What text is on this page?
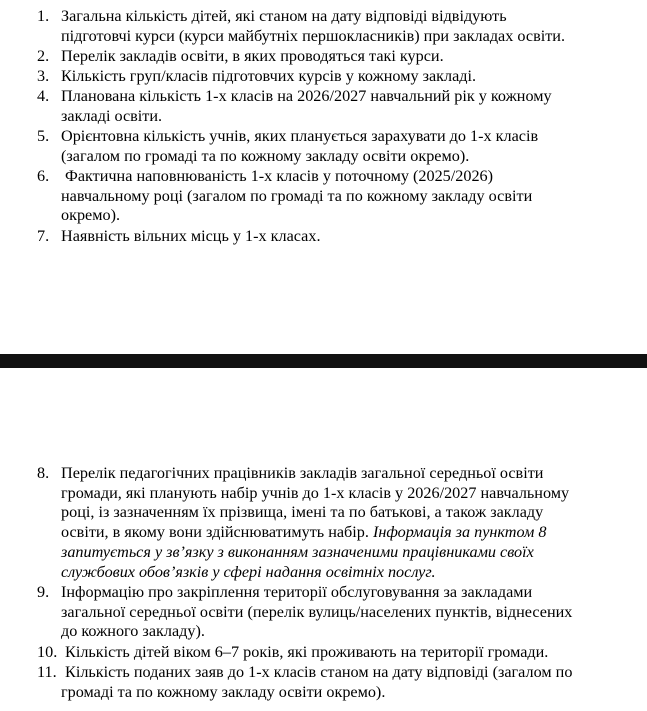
1. Загальна кількість дітей, які станом на дату відповіді відвідують
підготовчі курси (курси майбутніх першокласників) при закладах освіти.
2. Перелік закладів освіти, в яких проводяться такі курси.
3. Кількість груп/класів підготовчих курсів у кожному закладі.
4. Планована кількість 1-х класів на 2026/2027 навчальний рік у кожному
закладі освіти.
5. Орієнтовна кількість учнів, яких планується зарахувати до 1-х класів
(загалом по громаді та по кожному закладу освіти окремо).
6. Фактична наповнюваність 1-х класів у поточному (2025/2026)
навчальному році (загалом по громаді та по кожному закладу освіти
окремо).
7. Наявність вільних місць у 1-х класах.
8. Перелік педагогічних працівників закладів загальної середньої освіти
громади, які планують набір учнів до 1-х класів у 2026/2027 навчальному
році, із зазначенням їх прізвища, імені та по батькові, а також закладу
освіти, в якому вони здійснюватимуть набір. Інформація за пунктом 8
запитується у зв’язку з виконанням зазначеними працівниками своїх
службових обов’язків у сфері надання освітніх послуг.
9. Інформацію про закріплення території обслуговування за закладами
загальної середньої освіти (перелік вулиць/населених пунктів, віднесених
до кожного закладу).
10. Кількість дітей віком 6–7 років, які проживають на території громади.
11. Кількість поданих заяв до 1-х класів станом на дату відповіді (загалом по
громаді та по кожному закладу освіти окремо).
